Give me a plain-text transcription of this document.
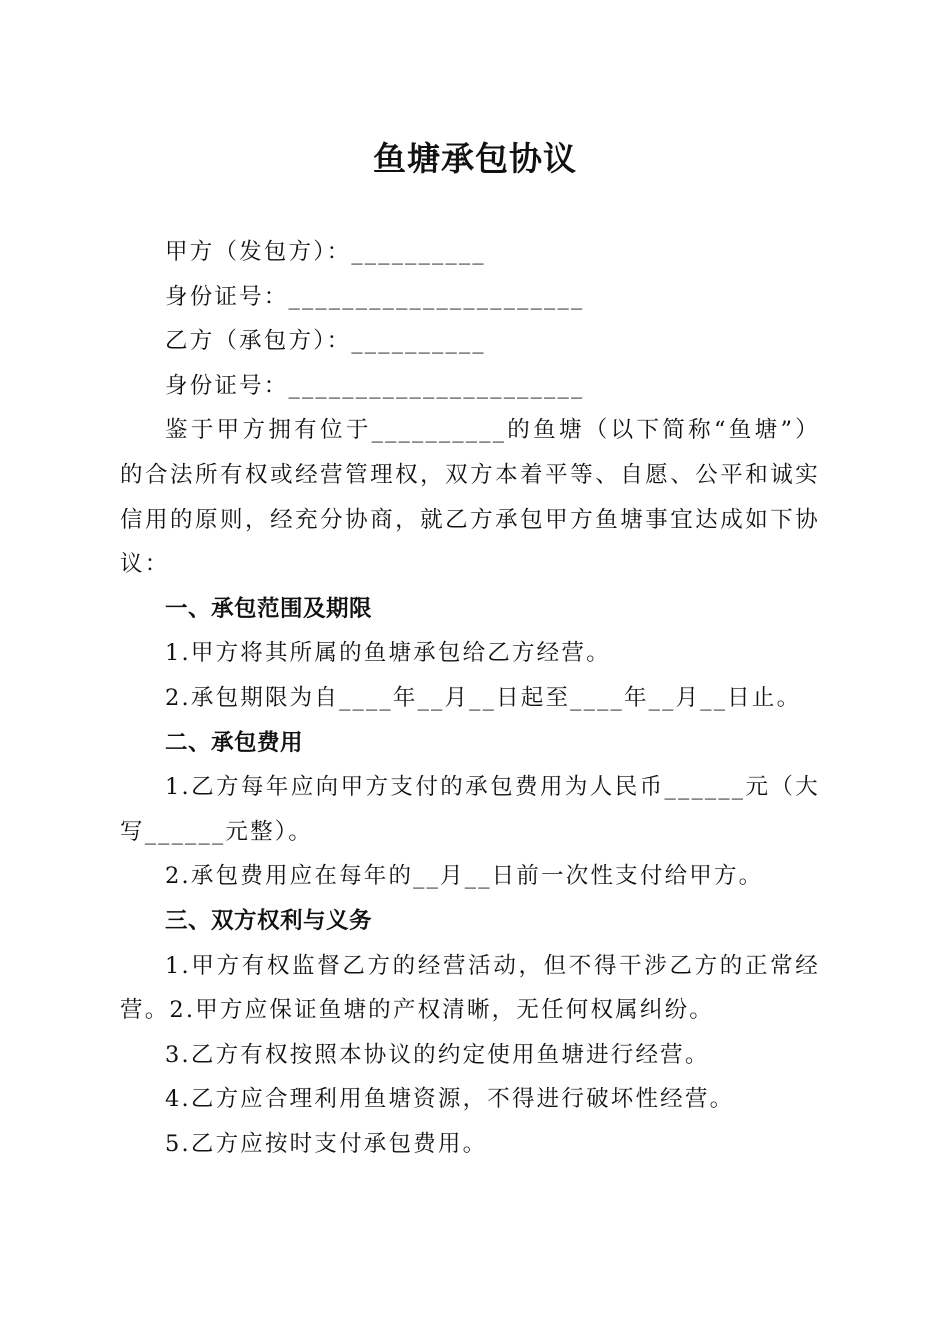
鱼塘承包协议

甲方（发包方）：__________

身份证号：______________________

乙方（承包方）：__________

身份证号：______________________

鉴于甲方拥有位于__________的鱼塘（以下简称“鱼塘”）的合法所有权或经营管理权，双方本着平等、自愿、公平和诚实信用的原则，经充分协商，就乙方承包甲方鱼塘事宜达成如下协议：

一、承包范围及期限

1.甲方将其所属的鱼塘承包给乙方经营。

2.承包期限为自____年__月__日起至____年__月__日止。

二、承包费用

1.乙方每年应向甲方支付的承包费用为人民币______元（大写______元整）。

2.承包费用应在每年的__月__日前一次性支付给甲方。

三、双方权利与义务

1.甲方有权监督乙方的经营活动，但不得干涉乙方的正常经营。2.甲方应保证鱼塘的产权清晰，无任何权属纠纷。

3.乙方有权按照本协议的约定使用鱼塘进行经营。

4.乙方应合理利用鱼塘资源，不得进行破坏性经营。

5.乙方应按时支付承包费用。
